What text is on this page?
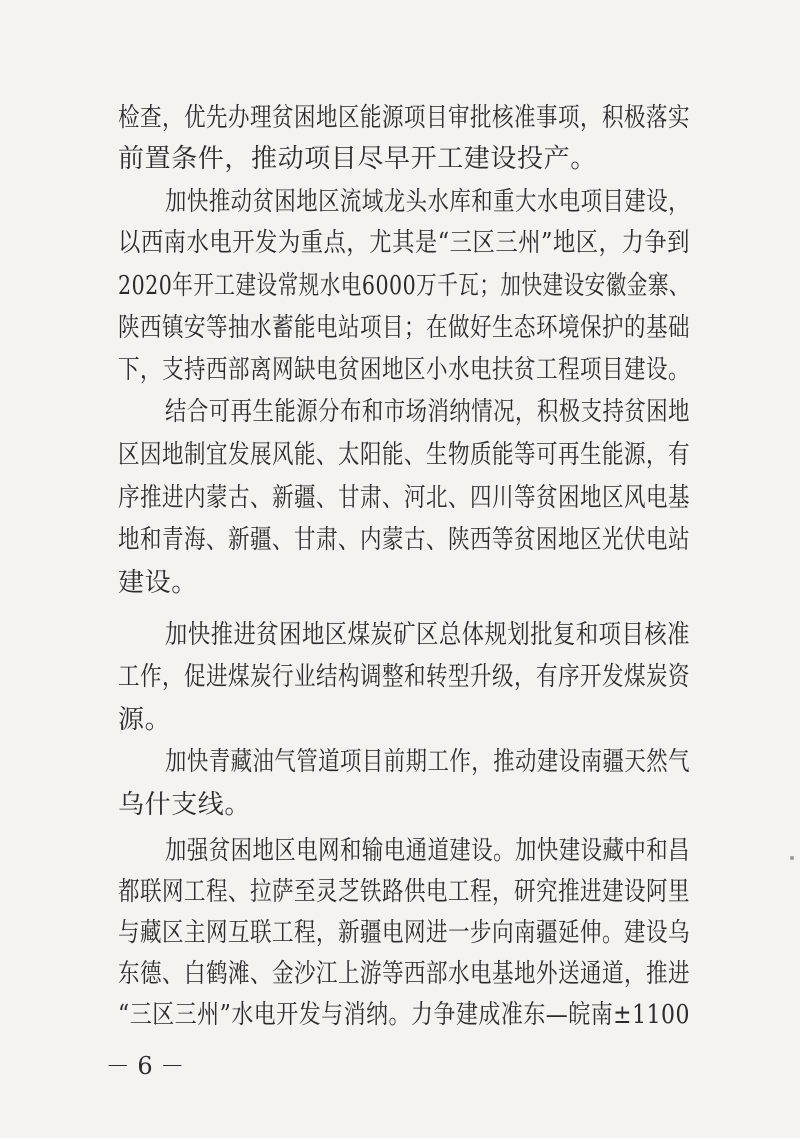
检查，优先办理贫困地区能源项目审批核准事项，积极落实
前置条件，推动项目尽早开工建设投产。
加快推动贫困地区流域龙头水库和重大水电项目建设，
以西南水电开发为重点，尤其是“三区三州”地区，力争到
2020年开工建设常规水电6000万千瓦；加快建设安徽金寨、
陕西镇安等抽水蓄能电站项目；在做好生态环境保护的基础
下，支持西部离网缺电贫困地区小水电扶贫工程项目建设。
结合可再生能源分布和市场消纳情况，积极支持贫困地
区因地制宜发展风能、太阳能、生物质能等可再生能源，有
序推进内蒙古、新疆、甘肃、河北、四川等贫困地区风电基
地和青海、新疆、甘肃、内蒙古、陕西等贫困地区光伏电站
建设。
加快推进贫困地区煤炭矿区总体规划批复和项目核准
工作，促进煤炭行业结构调整和转型升级，有序开发煤炭资
源。
加快青藏油气管道项目前期工作，推动建设南疆天然气
乌什支线。
加强贫困地区电网和输电通道建设。加快建设藏中和昌
都联网工程、拉萨至灵芝铁路供电工程，研究推进建设阿里
与藏区主网互联工程，新疆电网进一步向南疆延伸。建设乌
东德、白鹤滩、金沙江上游等西部水电基地外送通道，推进
“三区三州”水电开发与消纳。力争建成准东—皖南±1100
－ 6 －
